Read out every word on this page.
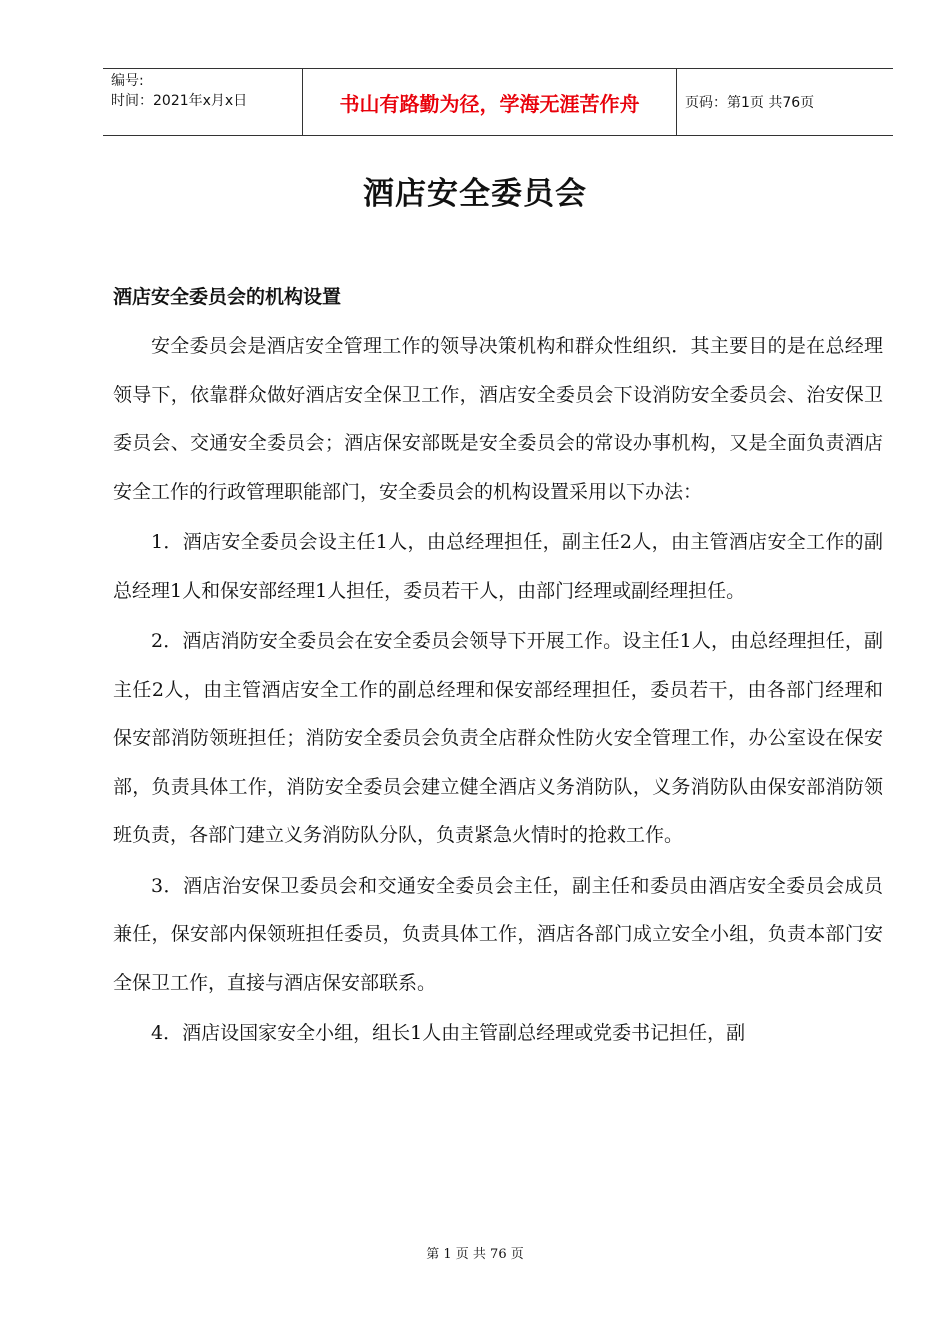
编号:
时间：2021年x月x日	书山有路勤为径，学海无涯苦作舟	页码：第1页 共76页
酒店安全委员会
酒店安全委员会的机构设置

安全委员会是酒店安全管理工作的领导决策机构和群众性组织．其主要目的是在总经理领导下，依靠群众做好酒店安全保卫工作，酒店安全委员会下设消防安全委员会、治安保卫委员会、交通安全委员会；酒店保安部既是安全委员会的常设办事机构，又是全面负责酒店安全工作的行政管理职能部门，安全委员会的机构设置采用以下办法：

1．酒店安全委员会设主任1人，由总经理担任，副主任2人，由主管酒店安全工作的副总经理1人和保安部经理1人担任，委员若干人，由部门经理或副经理担任。

2．酒店消防安全委员会在安全委员会领导下开展工作。设主任1人，由总经理担任，副主任2人，由主管酒店安全工作的副总经理和保安部经理担任，委员若干，由各部门经理和保安部消防领班担任；消防安全委员会负责全店群众性防火安全管理工作，办公室设在保安部，负责具体工作，消防安全委员会建立健全酒店义务消防队，义务消防队由保安部消防领班负责，各部门建立义务消防队分队，负责紧急火情时的抢救工作。

3．酒店治安保卫委员会和交通安全委员会主任，副主任和委员由酒店安全委员会成员兼任，保安部内保领班担任委员，负责具体工作，酒店各部门成立安全小组，负责本部门安全保卫工作，直接与酒店保安部联系。

4．酒店设国家安全小组，组长1人由主管副总经理或党委书记担任，副

第 1 页 共 76 页
